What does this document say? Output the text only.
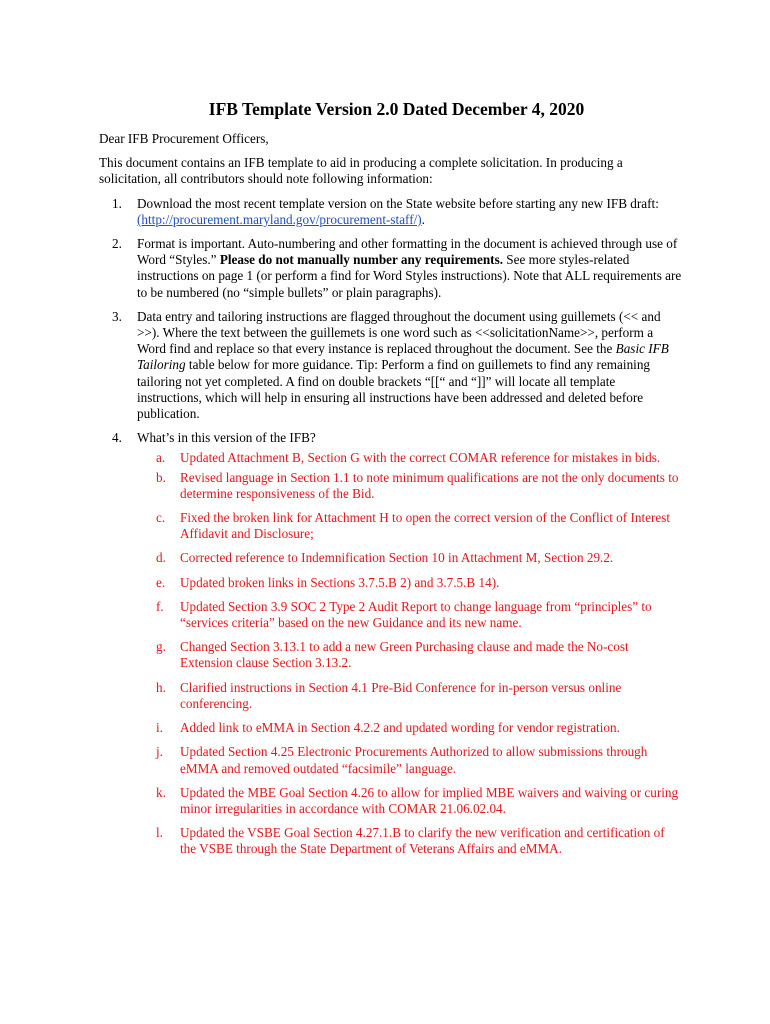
IFB Template Version 2.0 Dated December 4, 2020

Dear IFB Procurement Officers,

This document contains an IFB template to aid in producing a complete solicitation. In producing a solicitation, all contributors should note following information:

1. Download the most recent template version on the State website before starting any new IFB draft: (http://procurement.maryland.gov/procurement-staff/).
2. Format is important. Auto-numbering and other formatting in the document is achieved through use of Word “Styles.” Please do not manually number any requirements. See more styles-related instructions on page 1 (or perform a find for Word Styles instructions). Note that ALL requirements are to be numbered (no “simple bullets” or plain paragraphs).
3. Data entry and tailoring instructions are flagged throughout the document using guillemets (<< and >>). Where the text between the guillemets is one word such as <<solicitationName>>, perform a Word find and replace so that every instance is replaced throughout the document. See the Basic IFB Tailoring table below for more guidance. Tip: Perform a find on guillemets to find any remaining tailoring not yet completed. A find on double brackets “[[“ and “]]” will locate all template instructions, which will help in ensuring all instructions have been addressed and deleted before publication.
4. What’s in this version of the IFB?
a. Updated Attachment B, Section G with the correct COMAR reference for mistakes in bids.
b. Revised language in Section 1.1 to note minimum qualifications are not the only documents to determine responsiveness of the Bid.
c. Fixed the broken link for Attachment H to open the correct version of the Conflict of Interest Affidavit and Disclosure;
d. Corrected reference to Indemnification Section 10 in Attachment M, Section 29.2.
e. Updated broken links in Sections 3.7.5.B 2) and 3.7.5.B 14).
f. Updated Section 3.9 SOC 2 Type 2 Audit Report to change language from “principles” to “services criteria” based on the new Guidance and its new name.
g. Changed Section 3.13.1 to add a new Green Purchasing clause and made the No-cost Extension clause Section 3.13.2.
h. Clarified instructions in Section 4.1 Pre-Bid Conference for in-person versus online conferencing.
i. Added link to eMMA in Section 4.2.2 and updated wording for vendor registration.
j. Updated Section 4.25 Electronic Procurements Authorized to allow submissions through eMMA and removed outdated “facsimile” language.
k. Updated the MBE Goal Section 4.26 to allow for implied MBE waivers and waiving or curing minor irregularities in accordance with COMAR 21.06.02.04.
l. Updated the VSBE Goal Section 4.27.1.B to clarify the new verification and certification of the VSBE through the State Department of Veterans Affairs and eMMA.
